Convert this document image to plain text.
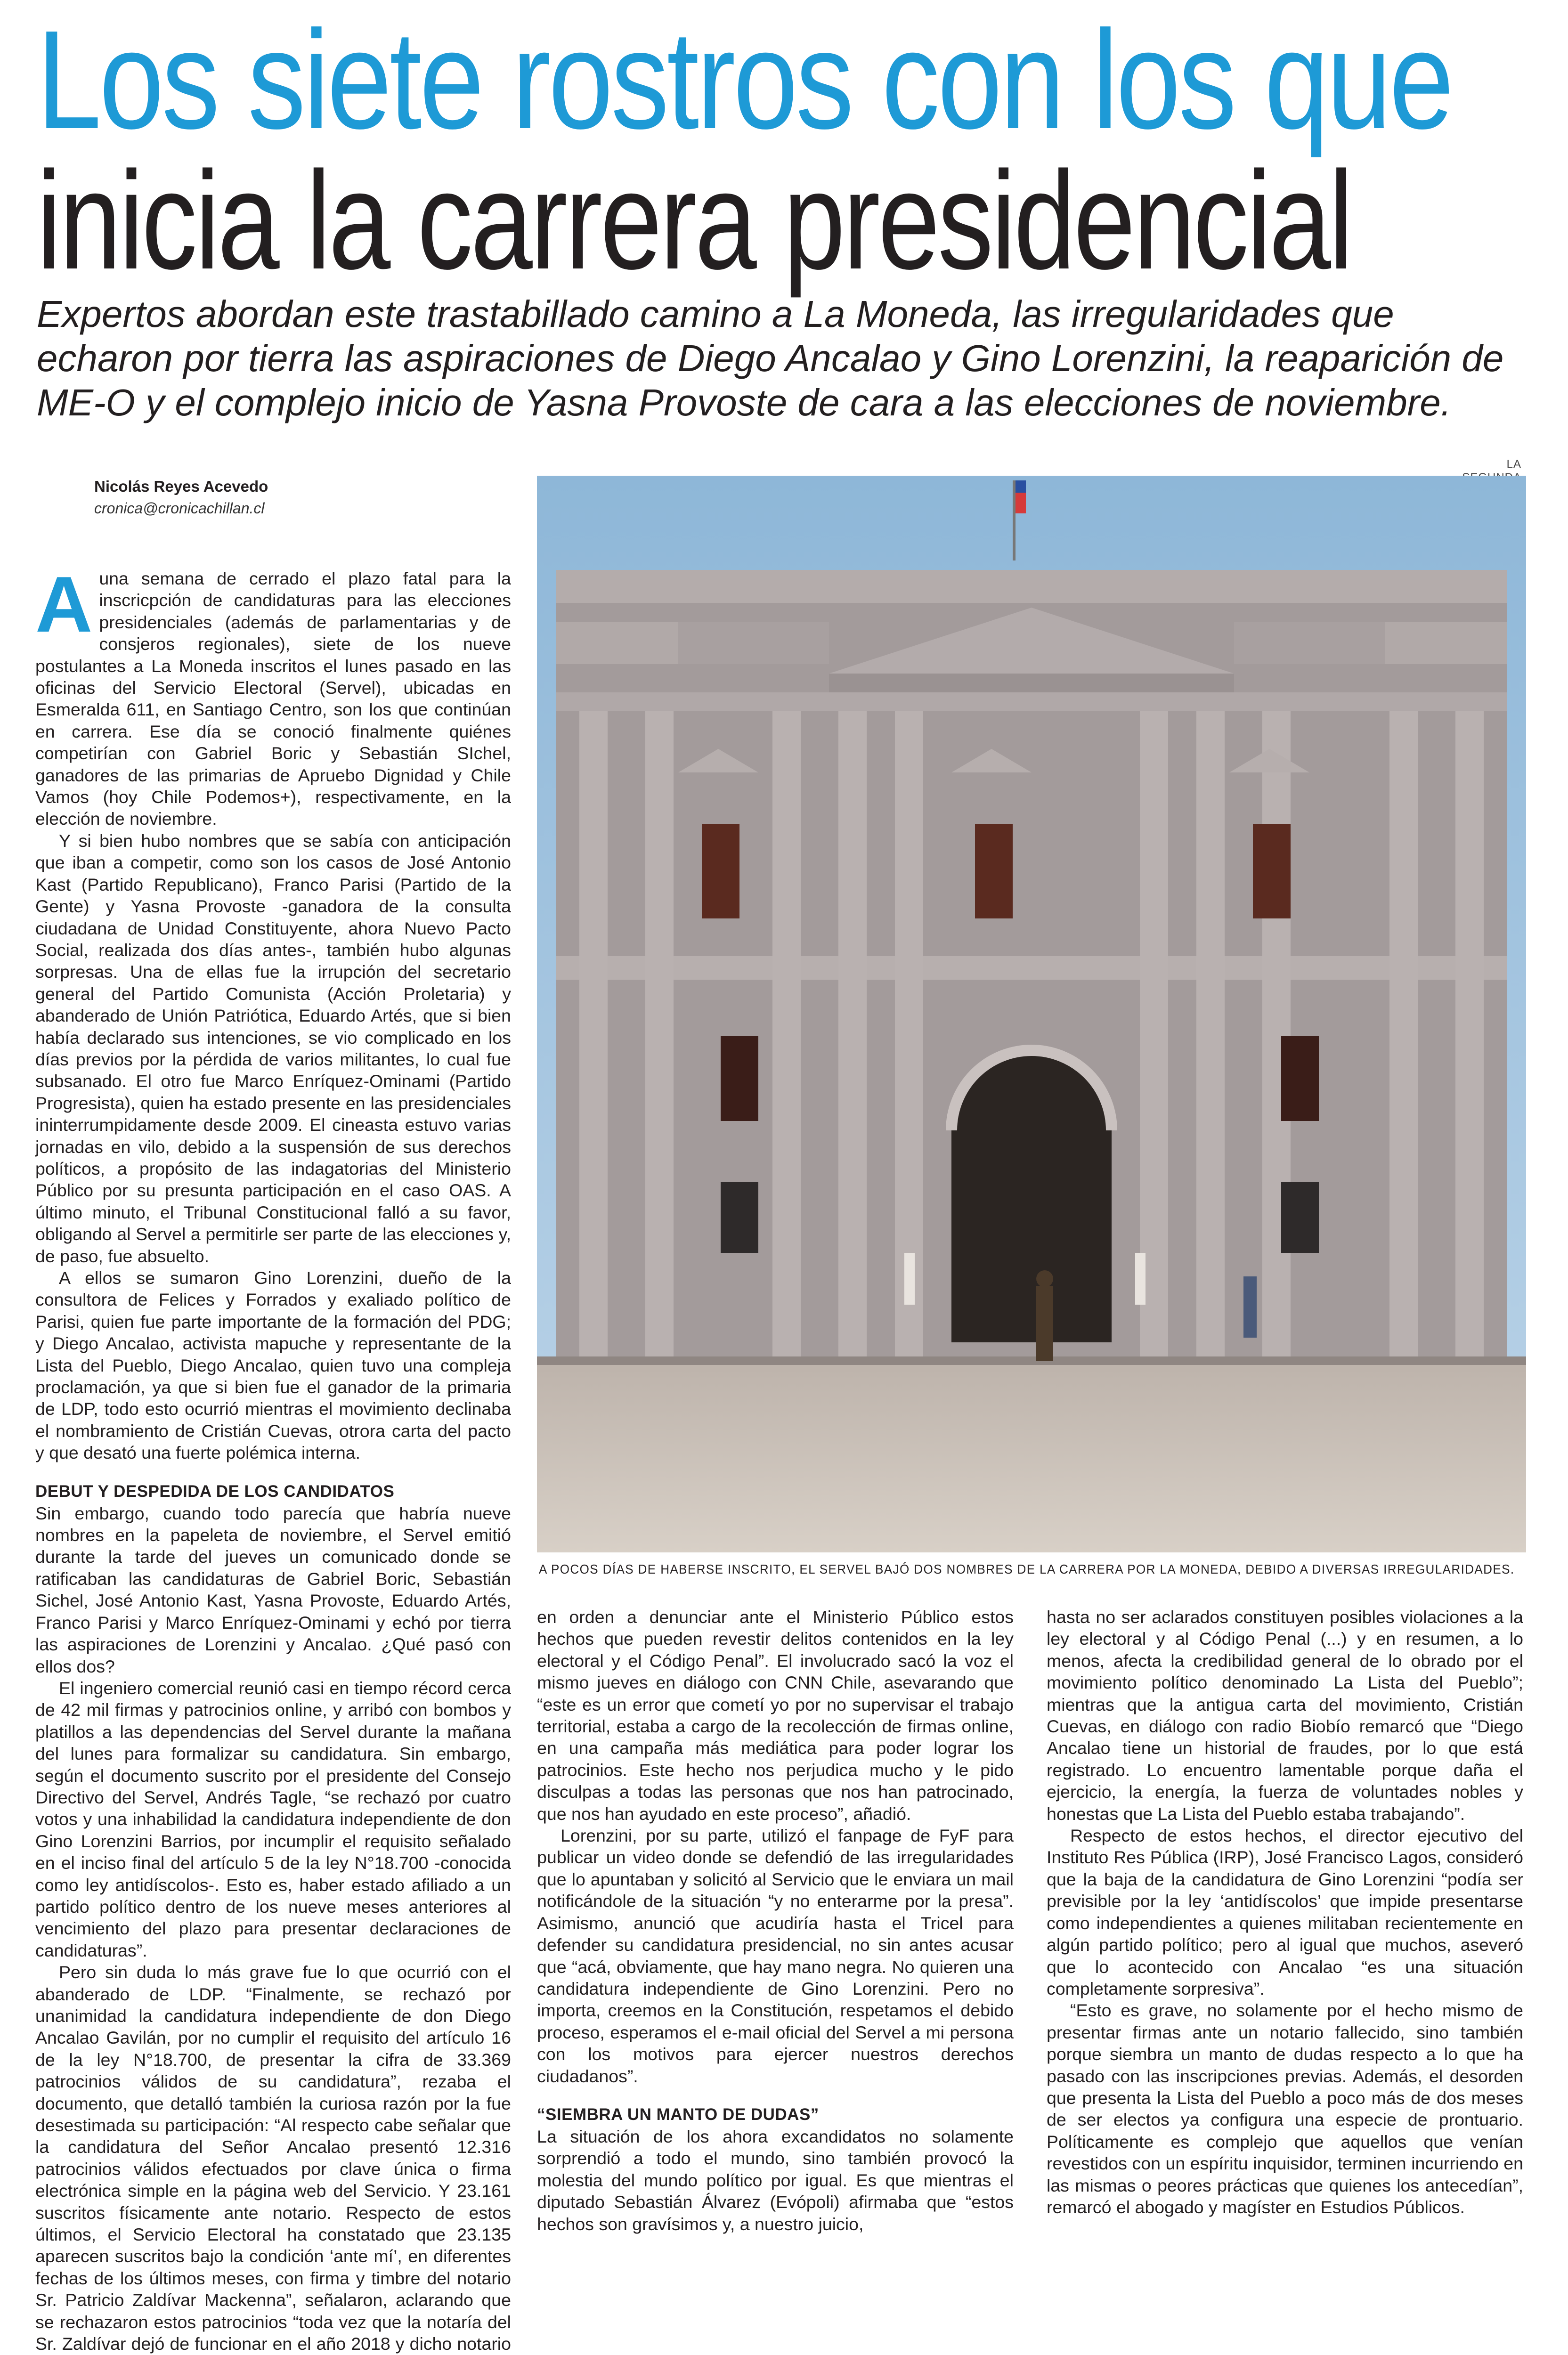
Los siete rostros con los que
inicia la carrera presidencial
Expertos abordan este trastabillado camino a La Moneda, las irregularidades que echaron por tierra las aspiraciones de Diego Ancalao y Gino Lorenzini, la reaparición de ME-O y el complejo inicio de Yasna Provoste de cara a las elecciones de noviembre.
Nicolás Reyes Acevedo
cronica@cronicachillan.cl
LA
A POCOS DÍAS DE HABERSE INSCRITO, EL SERVEL BAJÓ DOS NOMBRES DE LA CARRERA POR LA MONEDA, DEBIDO A DIVERSAS IRREGULARIDADES.

Auna semana de cerrado el plazo fatal para la inscricpción de candidaturas para las elecciones presidenciales (además de parlamentarias y de consjeros regionales), siete de los nueve postulantes a La Moneda inscritos el lunes pasado en las oficinas del Servicio Electoral (Servel), ubicadas en Esmeralda 611, en Santiago Centro, son los que continúan en carrera. Ese día se conoció finalmente quiénes competirían con Gabriel Boric y Sebastián SIchel, ganadores de las primarias de Apruebo Dignidad y Chile Vamos (hoy Chile Podemos+), respectivamente, en la elección de noviembre.

Y si bien hubo nombres que se sabía con anticipación que iban a competir, como son los casos de José Antonio Kast (Partido Republicano), Franco Parisi (Partido de la Gente) y Yasna Provoste -ganadora de la consulta ciudadana de Unidad Constituyente, ahora Nuevo Pacto Social, realizada dos días antes-, también hubo algunas sorpresas. Una de ellas fue la irrupción del secretario general del Partido Comunista (Acción Proletaria) y abanderado de Unión Patriótica, Eduardo Artés, que si bien había declarado sus intenciones, se vio complicado en los días previos por la pérdida de varios militantes, lo cual fue subsanado. El otro fue Marco Enríquez-Ominami (Partido Progresista), quien ha estado presente en las presidenciales ininterrumpidamente desde 2009. El cineasta estuvo varias jornadas en vilo, debido a la suspensión de sus derechos políticos, a propósito de las indagatorias del Ministerio Público por su presunta participación en el caso OAS. A último minuto, el Tribunal Constitucional falló a su favor, obligando al Servel a permitirle ser parte de las elecciones y, de paso, fue absuelto.

A ellos se sumaron Gino Lorenzini, dueño de la consultora de Felices y Forrados y exaliado político de Parisi, quien fue parte importante de la formación del PDG; y Diego Ancalao, activista mapuche y representante de la Lista del Pueblo, Diego Ancalao, quien tuvo una compleja proclamación, ya que si bien fue el ganador de la primaria de LDP, todo esto ocurrió mientras el movimiento declinaba el nombramiento de Cristián Cuevas, otrora carta del pacto y que desató una fuerte polémica interna.

DEBUT Y DESPEDIDA DE LOS CANDIDATOS

Sin embargo, cuando todo parecía que habría nueve nombres en la papeleta de noviembre, el Servel emitió durante la tarde del jueves un comunicado donde se ratificaban las candidaturas de Gabriel Boric, Sebastián Sichel, José Antonio Kast, Yasna Provoste, Eduardo Artés, Franco Parisi y Marco Enríquez-Ominami y echó por tierra las aspiraciones de Lorenzini y Ancalao. ¿Qué pasó con ellos dos?

El ingeniero comercial reunió casi en tiempo récord cerca de 42 mil firmas y patrocinios online, y arribó con bombos y platillos a las dependencias del Servel durante la mañana del lunes para formalizar su candidatura. Sin embargo, según el documento suscrito por el presidente del Consejo Directivo del Servel, Andrés Tagle, “se rechazó por cuatro votos y una inhabilidad la candidatura independiente de don Gino Lorenzini Barrios, por incumplir el requisito señalado en el inciso final del artículo 5 de la ley N°18.700 -conocida como ley antidíscolos-. Esto es, haber estado afiliado a un partido político dentro de los nueve meses anteriores al vencimiento del plazo para presentar declaraciones de candidaturas”.

Pero sin duda lo más grave fue lo que ocurrió con el abanderado de LDP. “Finalmente, se rechazó por unanimidad la candidatura independiente de don Diego Ancalao Gavilán, por no cumplir el requisito del artículo 16 de la ley N°18.700, de presentar la cifra de 33.369 patrocinios válidos de su candidatura”, rezaba el documento, que detalló también la curiosa razón por la fue desestimada su participación: “Al respecto cabe señalar que la candidatura del Señor Ancalao presentó 12.316 patrocinios válidos efectuados por clave única o firma electrónica simple en la página web del Servicio. Y 23.161 suscritos físicamente ante notario. Respecto de estos últimos, el Servicio Electoral ha constatado que 23.135 aparecen suscritos bajo la condición ‘ante mí’, en diferentes fechas de los últimos meses, con firma y timbre del notario Sr. Patricio Zaldívar Mackenna”, señalaron, aclarando que se rechazaron estos patrocinios “toda vez que la notaría del Sr. Zaldívar dejó de funcionar en el año 2018 y dicho notario

en orden a denunciar ante el Ministerio Público estos hechos que pueden revestir delitos contenidos en la ley electoral y el Código Penal”. El involucrado sacó la voz el mismo jueves en diálogo con CNN Chile, asevarando que “este es un error que cometí yo por no supervisar el trabajo territorial, estaba a cargo de la recolección de firmas online, en una campaña más mediática para poder lograr los patrocinios. Este hecho nos perjudica mucho y le pido disculpas a todas las personas que nos han patrocinado, que nos han ayudado en este proceso”, añadió.

Lorenzini, por su parte, utilizó el fanpage de FyF para publicar un video donde se defendió de las irregularidades que lo apuntaban y solicitó al Servicio que le enviara un mail notificándole de la situación “y no enterarme por la presa”. Asimismo, anunció que acudiría hasta el Tricel para defender su candidatura presidencial, no sin antes acusar que “acá, obviamente, que hay mano negra. No quieren una candidatura independiente de Gino Lorenzini. Pero no importa, creemos en la Constitución, respetamos el debido proceso, esperamos el e-mail oficial del Servel a mi persona con los motivos para ejercer nuestros derechos ciudadanos”.

“SIEMBRA UN MANTO DE DUDAS”

La situación de los ahora excandidatos no solamente sorprendió a todo el mundo, sino también provocó la molestia del mundo político por igual. Es que mientras el diputado Sebastián Álvarez (Evópoli) afirmaba que “estos hechos son gravísimos y, a nuestro juicio,

hasta no ser aclarados constituyen posibles violaciones a la ley electoral y al Código Penal (...) y en resumen, a lo menos, afecta la credibilidad general de lo obrado por el movimiento político denominado La Lista del Pueblo”; mientras que la antigua carta del movimiento, Cristián Cuevas, en diálogo con radio Biobío remarcó que “Diego Ancalao tiene un historial de fraudes, por lo que está registrado. Lo encuentro lamentable porque daña el ejercicio, la energía, la fuerza de voluntades nobles y honestas que La Lista del Pueblo estaba trabajando”.

Respecto de estos hechos, el director ejecutivo del Instituto Res Pública (IRP), José Francisco Lagos, consideró que la baja de la candidatura de Gino Lorenzini “podía ser previsible por la ley ‘antidíscolos’ que impide presentarse como independientes a quienes militaban recientemente en algún partido político; pero al igual que muchos, aseveró que lo acontecido con Ancalao “es una situación completamente sorpresiva”.

“Esto es grave, no solamente por el hecho mismo de presentar firmas ante un notario fallecido, sino también porque siembra un manto de dudas respecto a lo que ha pasado con las inscripciones previas. Además, el desorden que presenta la Lista del Pueblo a poco más de dos meses de ser electos ya configura una especie de prontuario. Políticamente es complejo que aquellos que venían revestidos con un espíritu inquisidor, terminen incurriendo en las mismas o peores prácticas que quienes los antecedían”, remarcó el abogado y magíster en Estudios Públicos.
